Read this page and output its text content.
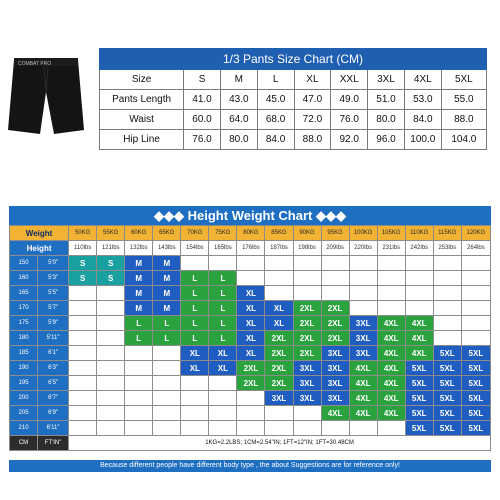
COMBAT PRO	1/3 Pants Size Chart (CM)								
Size	S	M	L	XL	XXL	3XL	4XL	5XL
Pants Length	41.0	43.0	45.0	47.0	49.0	51.0	53.0	55.0
Waist	60.0	64.0	68.0	72.0	76.0	80.0	84.0	88.0
Hip Line	76.0	80.0	84.0	88.0	92.0	96.0	100.0	104.0
◆◆◆ Height Weight Chart ◆◆◆
Weight		50KG	55KG	60KG	65KG	70KG	75KG	80KG	85KG	90KG	95KG	100KG	105KG	110KG	115KG	120KG
Height		110lbs	121lbs	132lbs	143lbs	154lbs	165lbs	176lbs	187lbs	198lbs	209lbs	220lbs	231lbs	242lbs	253lbs	264lbs
150	5'0"	S	S	M	M											
160	5'3"	S	S	M	M	L	L									
165	5'5"			M	M	L	L	XL								
170	5'7"			M	M	L	L	XL	XL	2XL	2XL					
175	5'9"			L	L	L	L	XL	XL	2XL	2XL	3XL	4XL	4XL		
180	5'11"			L	L	L	L	XL	2XL	2XL	2XL	3XL	4XL	4XL		
185	6'1"					XL	XL	XL	2XL	2XL	3XL	3XL	4XL	4XL	5XL	5XL
190	6'3"					XL	XL	2XL	2XL	3XL	3XL	4XL	4XL	5XL	5XL	5XL
195	6'5"							2XL	2XL	3XL	3XL	4XL	4XL	5XL	5XL	5XL
200	6'7"								3XL	3XL	3XL	4XL	4XL	5XL	5XL	5XL
205	6'9"										4XL	4XL	4XL	5XL	5XL	5XL
210	6'11"													5XL	5XL	5XL
CM	FT'IN"	1KG=2.2LBS; 1CM=2.54"IN; 1FT=12"IN; 1FT=30.48CM														
Because different people have different body type , the about Suggestions are for reference only!
